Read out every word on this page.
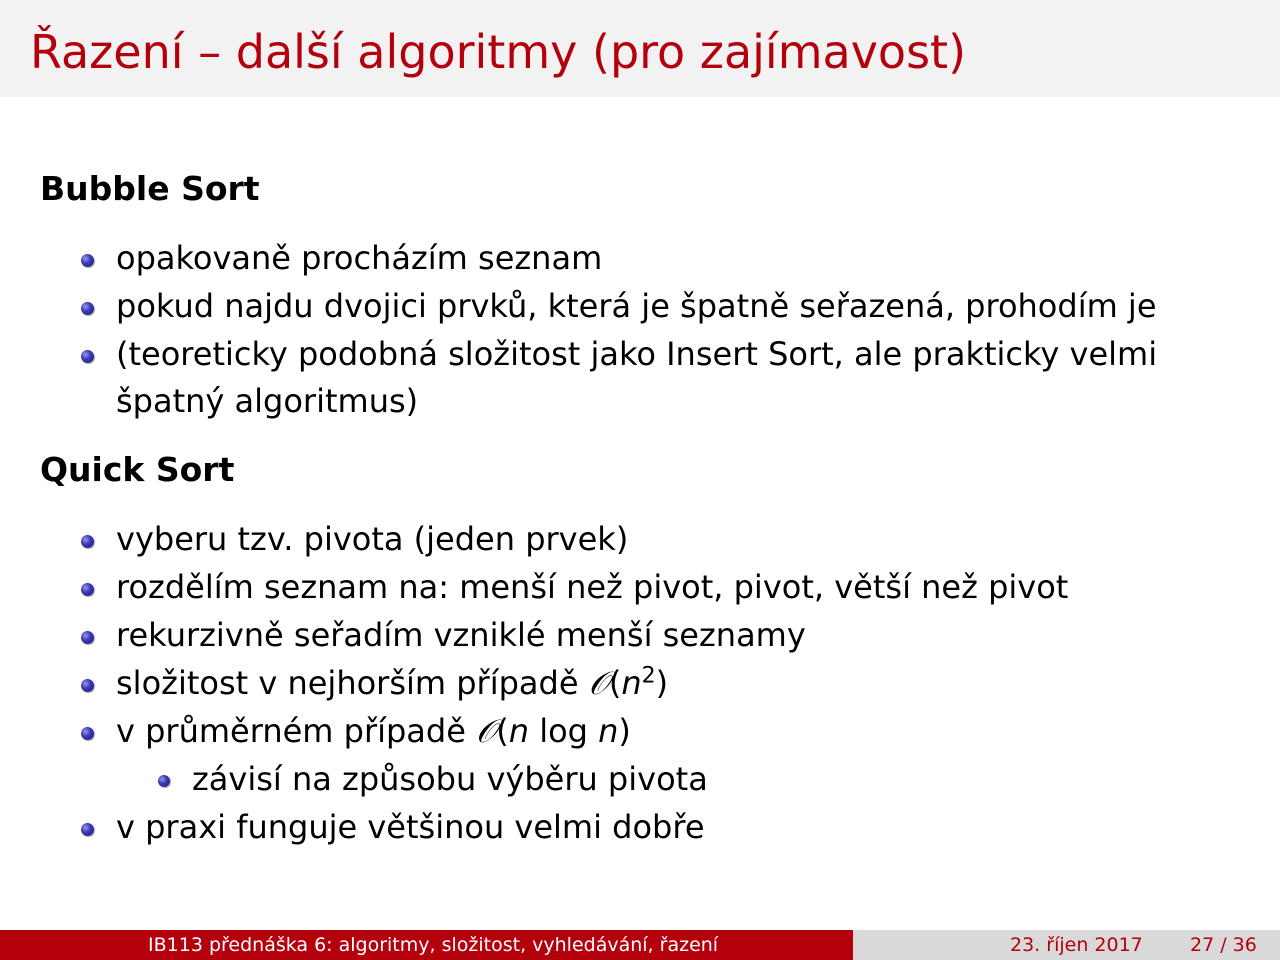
Řazení – další algoritmy (pro zajímavost)
Bubble Sort
opakovaně procházím seznam
pokud najdu dvojici prvků, která je špatně seřazená, prohodím je
(teoreticky podobná složitost jako Insert Sort, ale prakticky velmi
špatný algoritmus)
Quick Sort
vyberu tzv. pivota (jeden prvek)
rozdělím seznam na: menší než pivot, pivot, větší než pivot
rekurzivně seřadím vzniklé menší seznamy
složitost v nejhorším případě $𝒪(n^2)$
v průměrném případě 𝒪(n log n)
závisí na způsobu výběru pivota
v praxi funguje většinou velmi dobře
IB113 přednáška 6: algoritmy, složitost, vyhledávání, řazení	23. říjen 2017 27 / 36
